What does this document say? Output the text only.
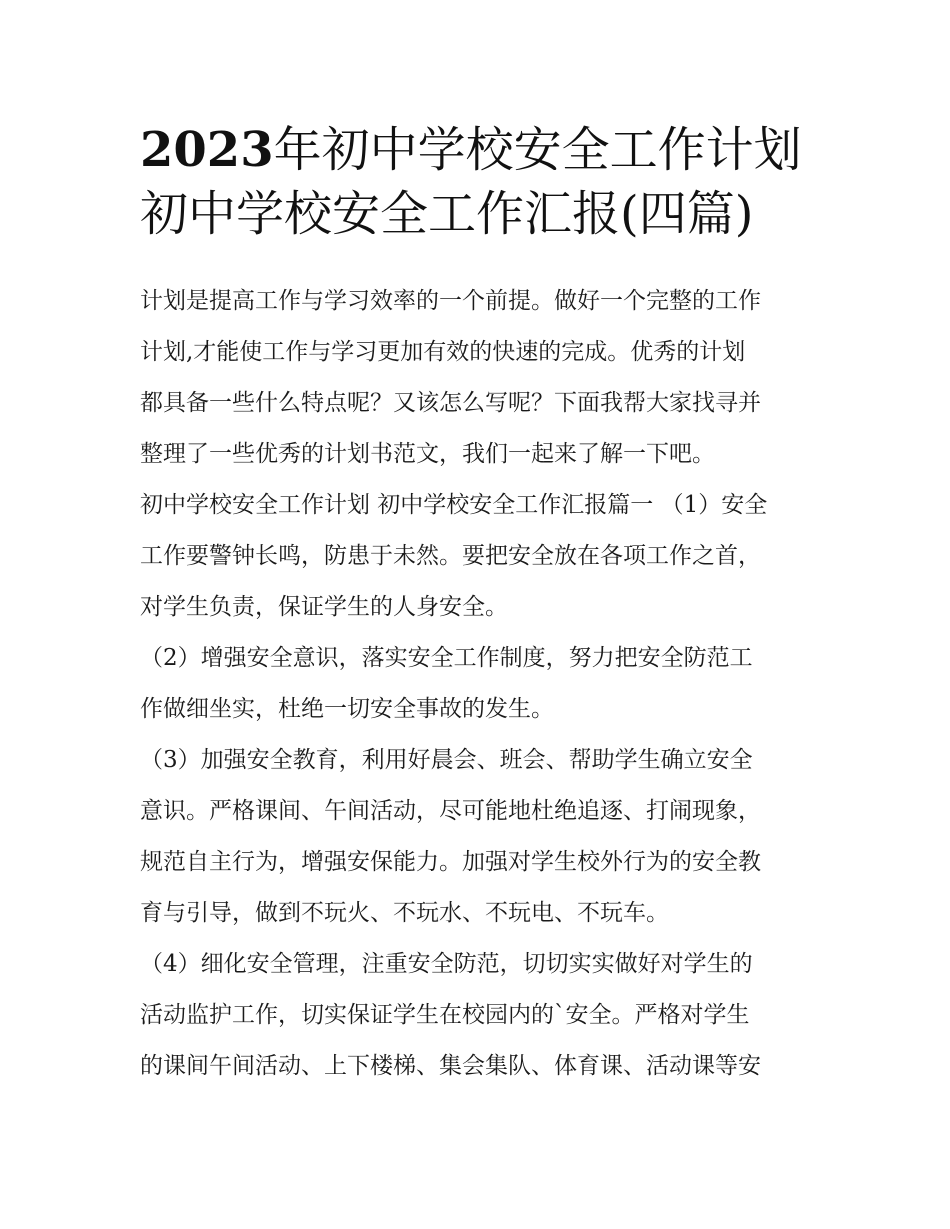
2023年初中学校安全工作计划
初中学校安全工作汇报(四篇)
计划是提高工作与学习效率的一个前提。做好一个完整的工作
计划,才能使工作与学习更加有效的快速的完成。优秀的计划
都具备一些什么特点呢？又该怎么写呢？下面我帮大家找寻并
整理了一些优秀的计划书范文，我们一起来了解一下吧。
初中学校安全工作计划 初中学校安全工作汇报篇一 （1）安全
工作要警钟长鸣，防患于未然。要把安全放在各项工作之首，
对学生负责，保证学生的人身安全。
（2）增强安全意识，落实安全工作制度，努力把安全防范工
作做细坐实，杜绝一切安全事故的发生。
（3）加强安全教育，利用好晨会、班会、帮助学生确立安全
意识。严格课间、午间活动，尽可能地杜绝追逐、打闹现象，
规范自主行为，增强安保能力。加强对学生校外行为的安全教
育与引导，做到不玩火、不玩水、不玩电、不玩车。
（4）细化安全管理，注重安全防范，切切实实做好对学生的
活动监护工作，切实保证学生在校园内的`安全。严格对学生
的课间午间活动、上下楼梯、集会集队、体育课、活动课等安
